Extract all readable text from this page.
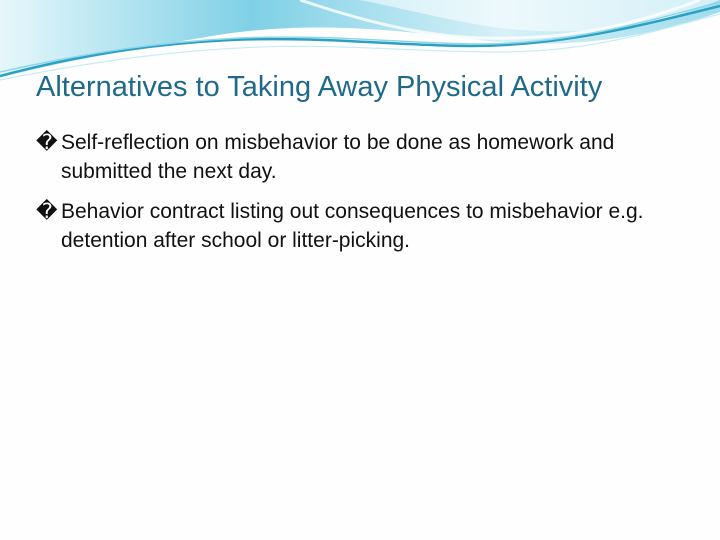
Alternatives to Taking Away Physical Activity
� Self-reflection on misbehavior to be done as homework and submitted the next day.
� Behavior contract listing out consequences to misbehavior e.g. detention after school or litter-picking.
